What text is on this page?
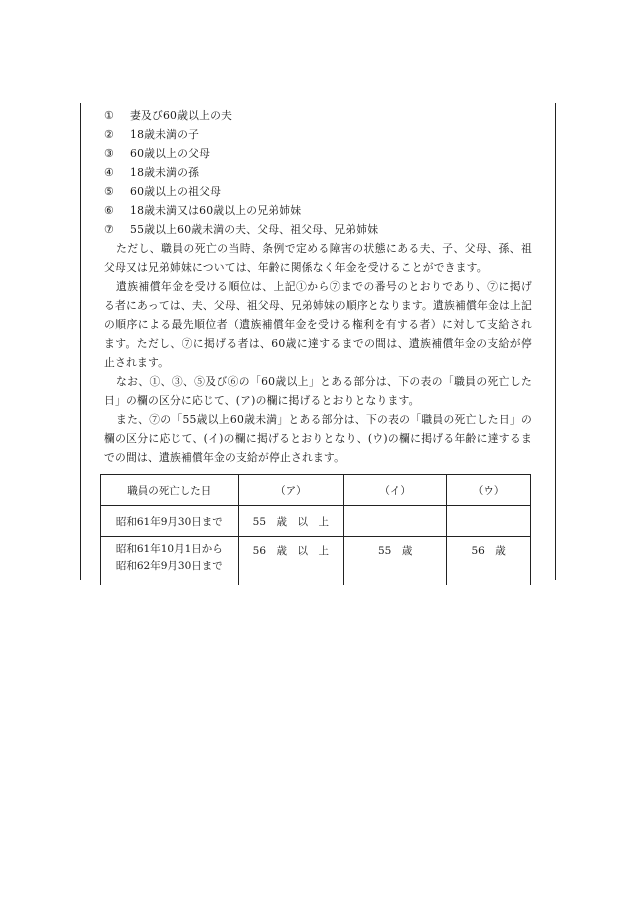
①	妻及び60歳以上の夫
②	18歳未満の子
③	60歳以上の父母
④	18歳未満の孫
⑤	60歳以上の祖父母
⑥	18歳未満又は60歳以上の兄弟姉妹
⑦	55歳以上60歳未満の夫、父母、祖父母、兄弟姉妹

ただし、職員の死亡の当時、条例で定める障害の状態にある夫、子、父母、孫、祖父母又は兄弟姉妹については、年齢に関係なく年金を受けることができます。

遺族補償年金を受ける順位は、上記①から⑦までの番号のとおりであり、⑦に掲げる者にあっては、夫、父母、祖父母、兄弟姉妹の順序となります。遺族補償年金は上記の順序による最先順位者（遺族補償年金を受ける権利を有する者）に対して支給されます。ただし、⑦に掲げる者は、60歳に達するまでの間は、遺族補償年金の支給が停止されます。

なお、①、③、⑤及び⑥の「60歳以上」とある部分は、下の表の「職員の死亡した日」の欄の区分に応じて、(ア)の欄に掲げるとおりとなります。

また、⑦の「55歳以上60歳未満」とある部分は、下の表の「職員の死亡した日」の欄の区分に応じて、(イ)の欄に掲げるとおりとなり、(ウ)の欄に掲げる年齢に達するまでの間は、遺族補償年金の支給が停止されます。

職員の死亡した日	（ア）	（イ）	（ウ）
昭和61年9月30日まで	55　歳　以　上		

昭和61年10月1日から
昭和62年9月30日まで	56　歳　以　上	55　歳	56　歳
